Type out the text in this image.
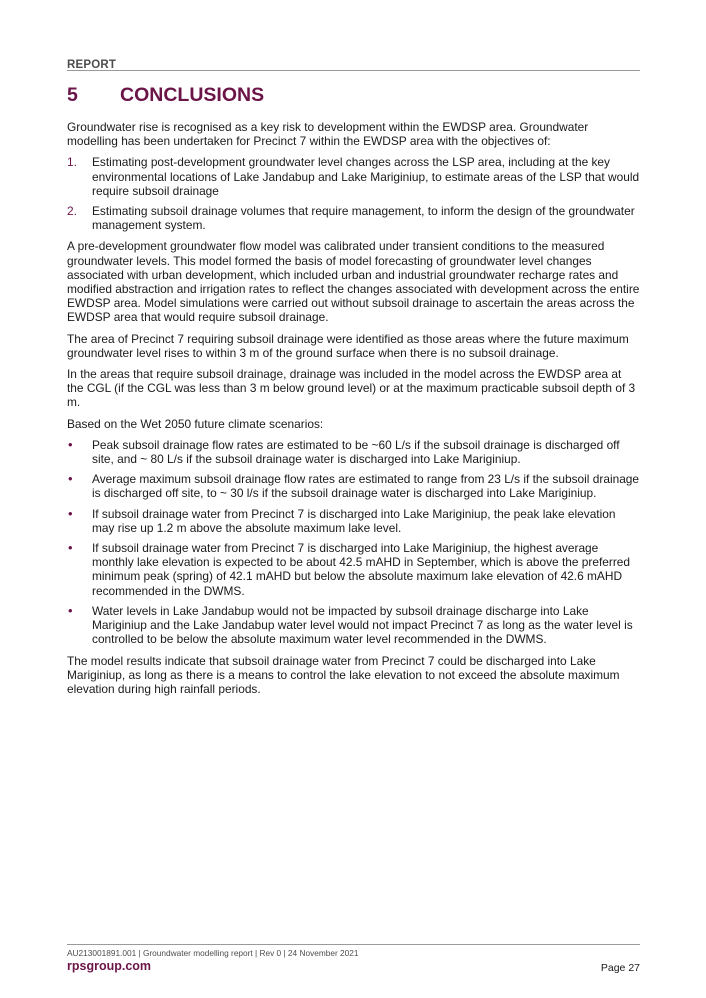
REPORT
5 CONCLUSIONS

Groundwater rise is recognised as a key risk to development within the EWDSP area. Groundwater modelling has been undertaken for Precinct 7 within the EWDSP area with the objectives of:

1. Estimating post-development groundwater level changes across the LSP area, including at the key environmental locations of Lake Jandabup and Lake Mariginiup, to estimate areas of the LSP that would require subsoil drainage
2. Estimating subsoil drainage volumes that require management, to inform the design of the groundwater management system.

A pre-development groundwater flow model was calibrated under transient conditions to the measured groundwater levels. This model formed the basis of model forecasting of groundwater level changes associated with urban development, which included urban and industrial groundwater recharge rates and modified abstraction and irrigation rates to reflect the changes associated with development across the entire EWDSP area. Model simulations were carried out without subsoil drainage to ascertain the areas across the EWDSP area that would require subsoil drainage.

The area of Precinct 7 requiring subsoil drainage were identified as those areas where the future maximum groundwater level rises to within 3 m of the ground surface when there is no subsoil drainage.

In the areas that require subsoil drainage, drainage was included in the model across the EWDSP area at the CGL (if the CGL was less than 3 m below ground level) or at the maximum practicable subsoil depth of 3 m.

Based on the Wet 2050 future climate scenarios:

• Peak subsoil drainage flow rates are estimated to be ~60 L/s if the subsoil drainage is discharged off site, and ~ 80 L/s if the subsoil drainage water is discharged into Lake Mariginiup.
• Average maximum subsoil drainage flow rates are estimated to range from 23 L/s if the subsoil drainage is discharged off site, to ~ 30 l/s if the subsoil drainage water is discharged into Lake Mariginiup.
• If subsoil drainage water from Precinct 7 is discharged into Lake Mariginiup, the peak lake elevation may rise up 1.2 m above the absolute maximum lake level.
• If subsoil drainage water from Precinct 7 is discharged into Lake Mariginiup, the highest average monthly lake elevation is expected to be about 42.5 mAHD in September, which is above the preferred minimum peak (spring) of 42.1 mAHD but below the absolute maximum lake elevation of 42.6 mAHD recommended in the DWMS.
• Water levels in Lake Jandabup would not be impacted by subsoil drainage discharge into Lake Mariginiup and the Lake Jandabup water level would not impact Precinct 7 as long as the water level is controlled to be below the absolute maximum water level recommended in the DWMS.

The model results indicate that subsoil drainage water from Precinct 7 could be discharged into Lake Mariginiup, as long as there is a means to control the lake elevation to not exceed the absolute maximum elevation during high rainfall periods.

AU213001891.001 | Groundwater modelling report | Rev 0 | 24 November 2021
rpsgroup.com	Page 27
